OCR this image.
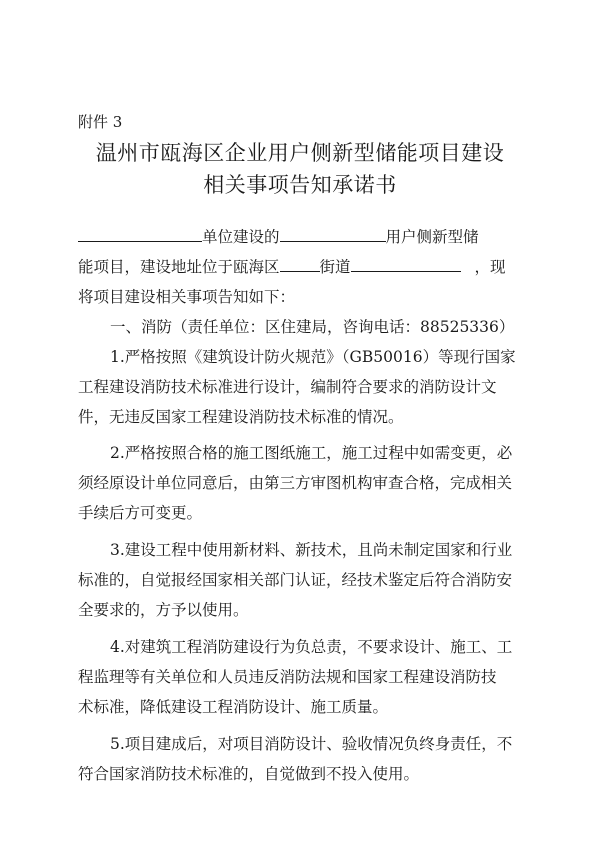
附件 3
温州市瓯海区企业用户侧新型储能项目建设
相关事项告知承诺书
单位建设的	用户侧新型储
能项目，建设地址位于瓯海区	街道	，现
将项目建设相关事项告知如下：
一、消防（责任单位：区住建局，咨询电话：88525336）
1.严格按照《建筑设计防火规范》（GB50016）等现行国家
工程建设消防技术标准进行设计，编制符合要求的消防设计文
件，无违反国家工程建设消防技术标准的情况。
2.严格按照合格的施工图纸施工，施工过程中如需变更，必
须经原设计单位同意后，由第三方审图机构审查合格，完成相关
手续后方可变更。
3.建设工程中使用新材料、新技术，且尚未制定国家和行业
标准的，自觉报经国家相关部门认证，经技术鉴定后符合消防安
全要求的，方予以使用。
4.对建筑工程消防建设行为负总责，不要求设计、施工、工
程监理等有关单位和人员违反消防法规和国家工程建设消防技
术标准，降低建设工程消防设计、施工质量。
5.项目建成后，对项目消防设计、验收情况负终身责任，不
符合国家消防技术标准的，自觉做到不投入使用。
